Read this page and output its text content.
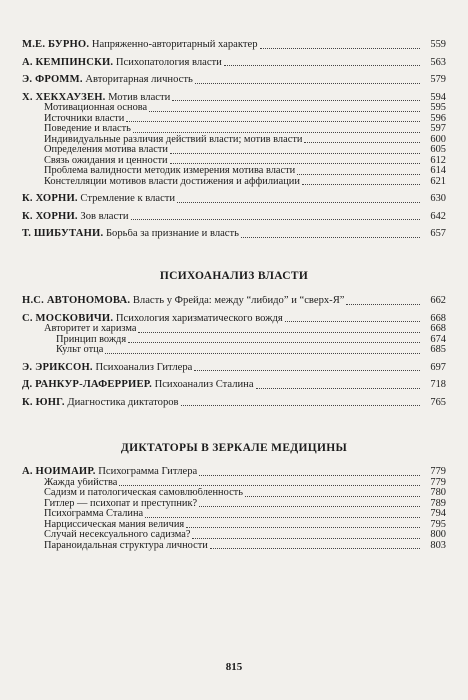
М.Е. БУРНО. Напряженно-авторитарный характер	559
А. КЕМПИНСКИ. Психопатология власти	563
Э. ФРОММ. Авторитарная личность	579
Х. ХЕКХАУЗЕН. Мотив власти	594
Мотивационная основа	595
Источники власти	596
Поведение и власть	597
Индивидуальные различия действий власти; мотив власти	600
Определения мотива власти	605
Связь ожидания и ценности	612
Проблема валидности методик измерения мотива власти	614
Констелляции мотивов власти достижения и аффилиации	621
К. ХОРНИ. Стремление к власти	630
К. ХОРНИ. Зов власти	642
Т. ШИБУТАНИ. Борьба за признание и власть	657
ПСИХОАНАЛИЗ ВЛАСТИ
Н.С. АВТОНОМОВА. Власть у Фрейда: между “либидо” и “сверх-Я”	662
С. МОСКОВИЧИ. Психология харизматического вождя	668
Авторитет и харизма	668
Принцип вождя	674
Культ отца	685
Э. ЭРИКСОН. Психоанализ Гитлера	697
Д. РАНКУР-ЛАФЕРРИЕР. Психоанализ Сталина	718
К. ЮНГ. Диагностика диктаторов	765
ДИКТАТОРЫ В ЗЕРКАЛЕ МЕДИЦИНЫ
А. НОЙМАЙР. Психограмма Гитлера	779
Жажда убийства	779
Садизм и патологическая самовлюбленность	780
Гитлер — психопат и преступник?	789
Психограмма Сталина	794
Нарциссическая мания величия	795
Случай несексуального садизма?	800
Параноидальная структура личности	803
815
